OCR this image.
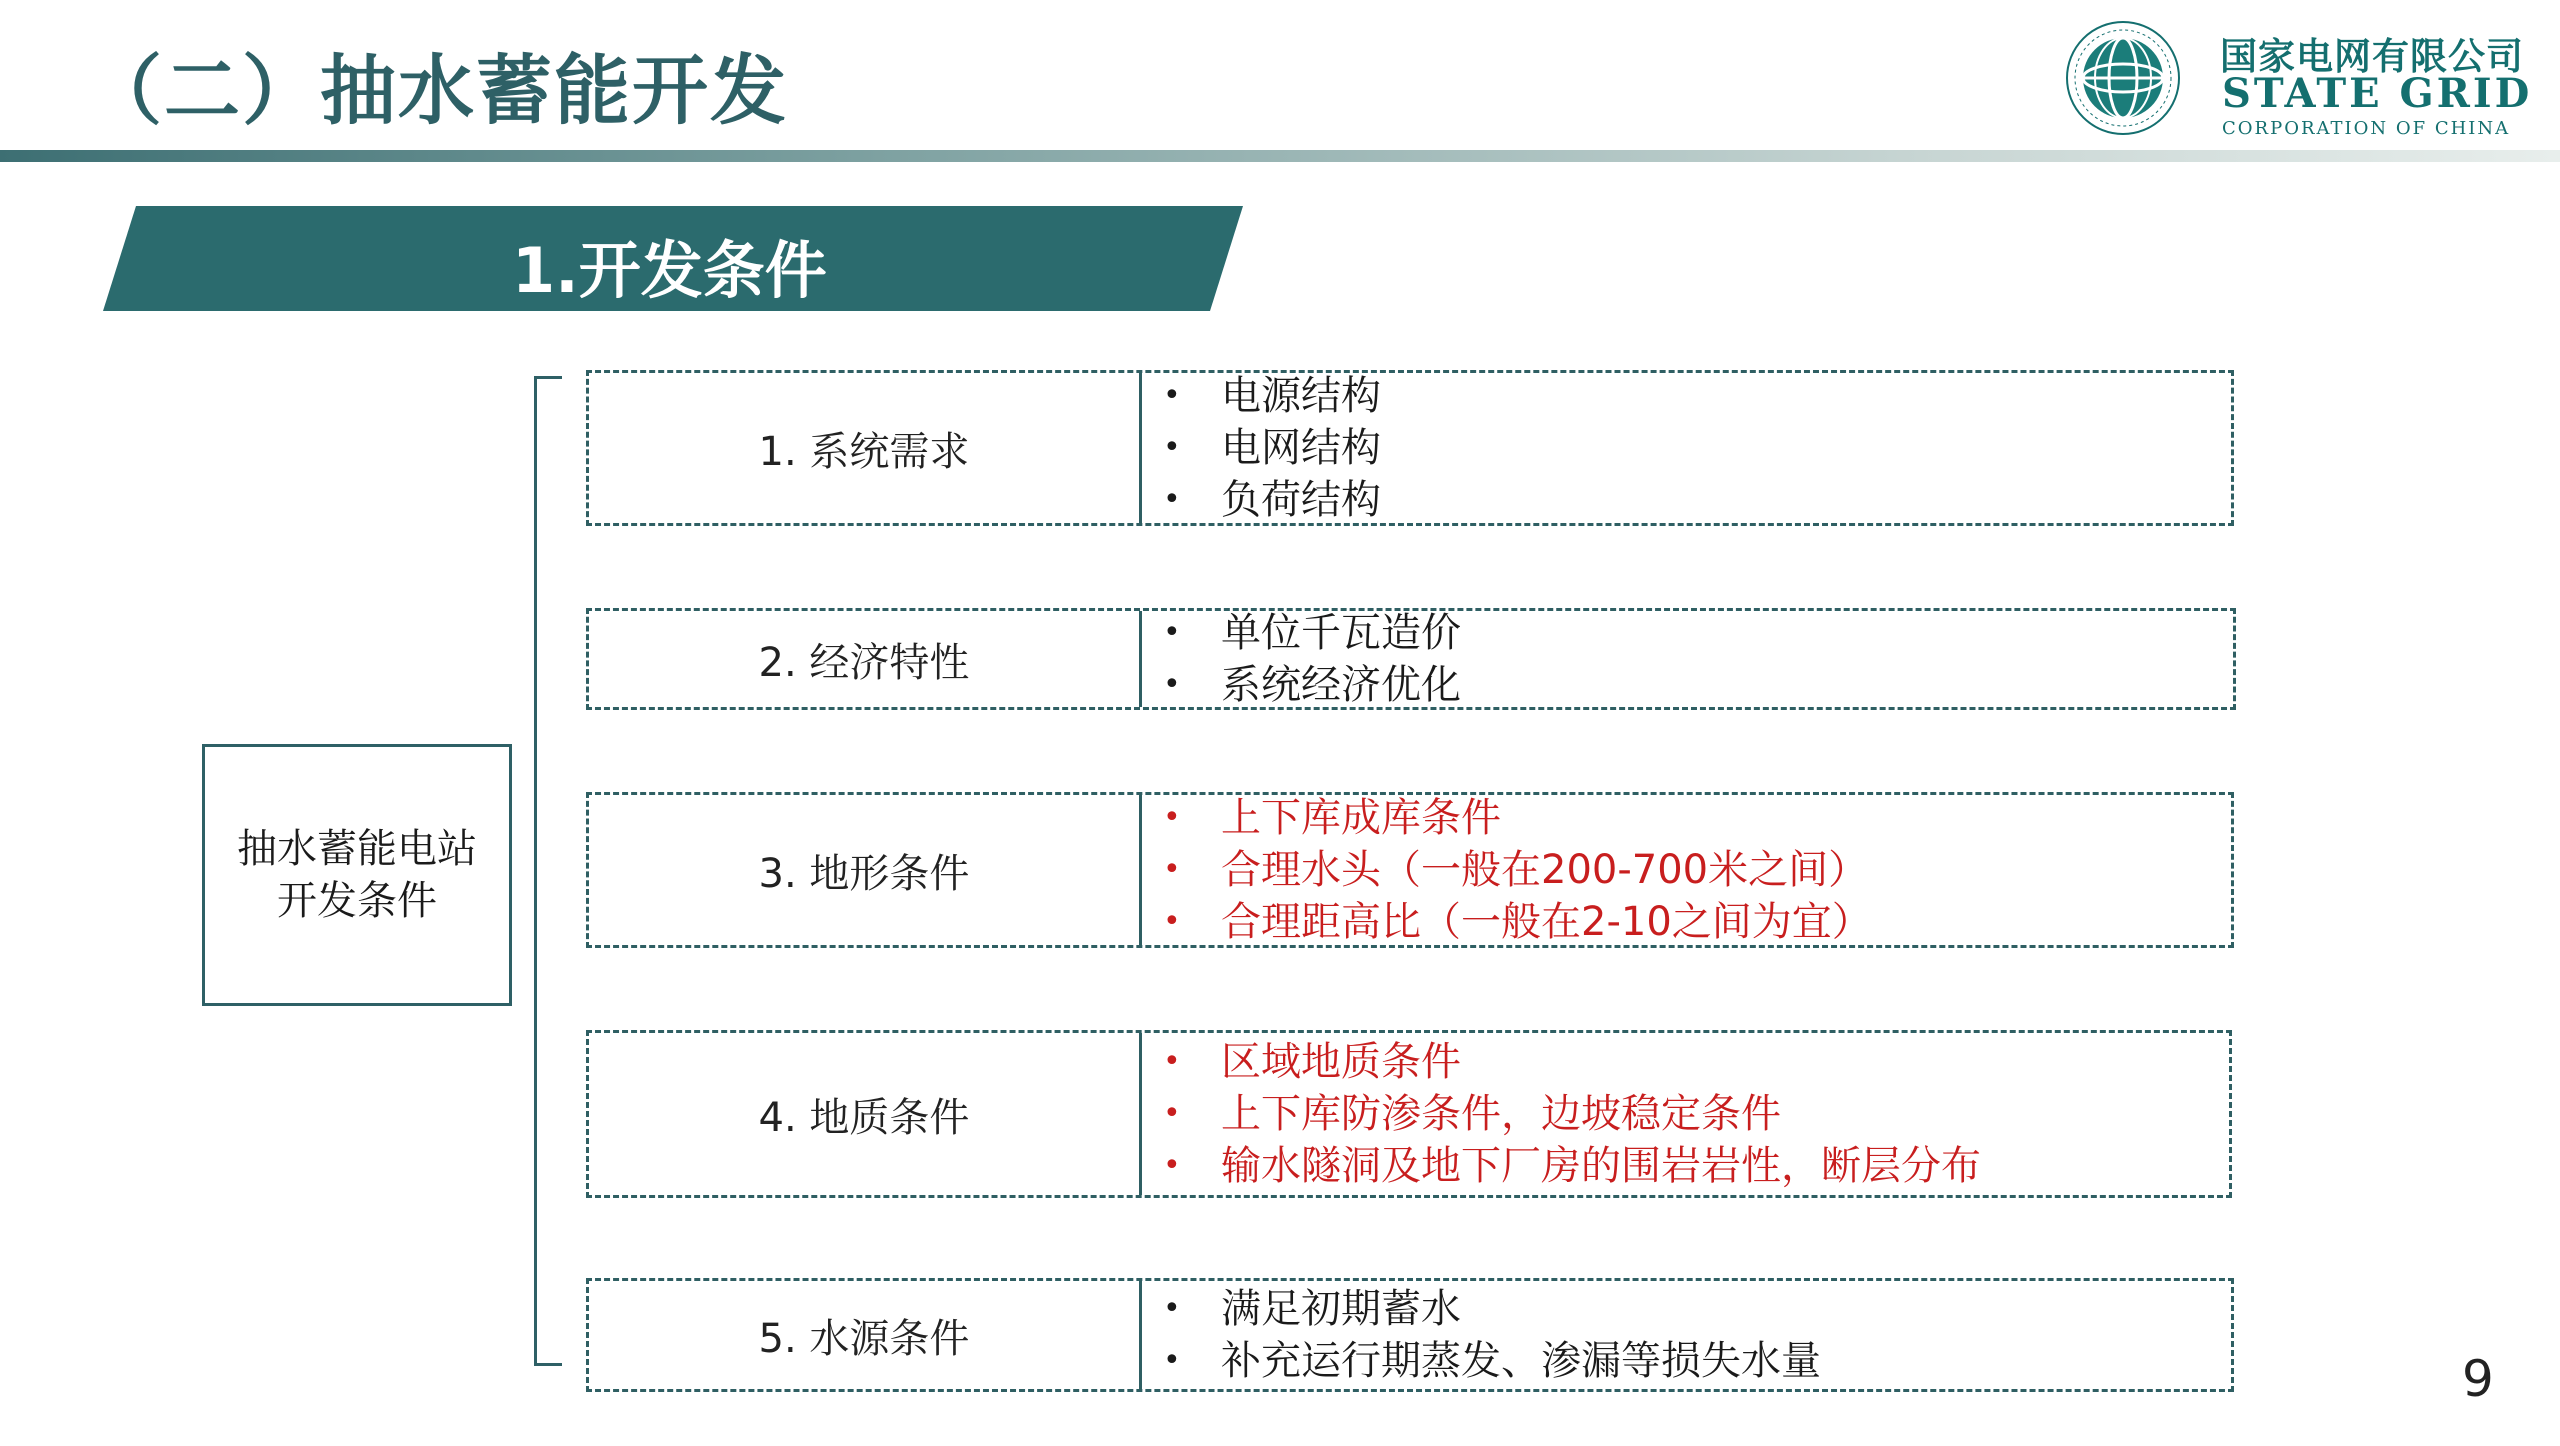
（二）抽水蓄能开发	国家电网有限公司
STATE GRID
CORPORATION OF CHINA
1.开发条件
抽水蓄能电站开发条件
1. 系统需求
• 电源结构
• 电网结构
• 负荷结构
2. 经济特性
• 单位千瓦造价
• 系统经济优化
3. 地形条件
• 上下库成库条件
• 合理水头（一般在200-700米之间）
• 合理距高比（一般在2-10之间为宜）
4. 地质条件
• 区域地质条件
• 上下库防渗条件，边坡稳定条件
• 输水隧洞及地下厂房的围岩岩性，断层分布
5. 水源条件
• 满足初期蓄水
• 补充运行期蒸发、渗漏等损失水量	9
